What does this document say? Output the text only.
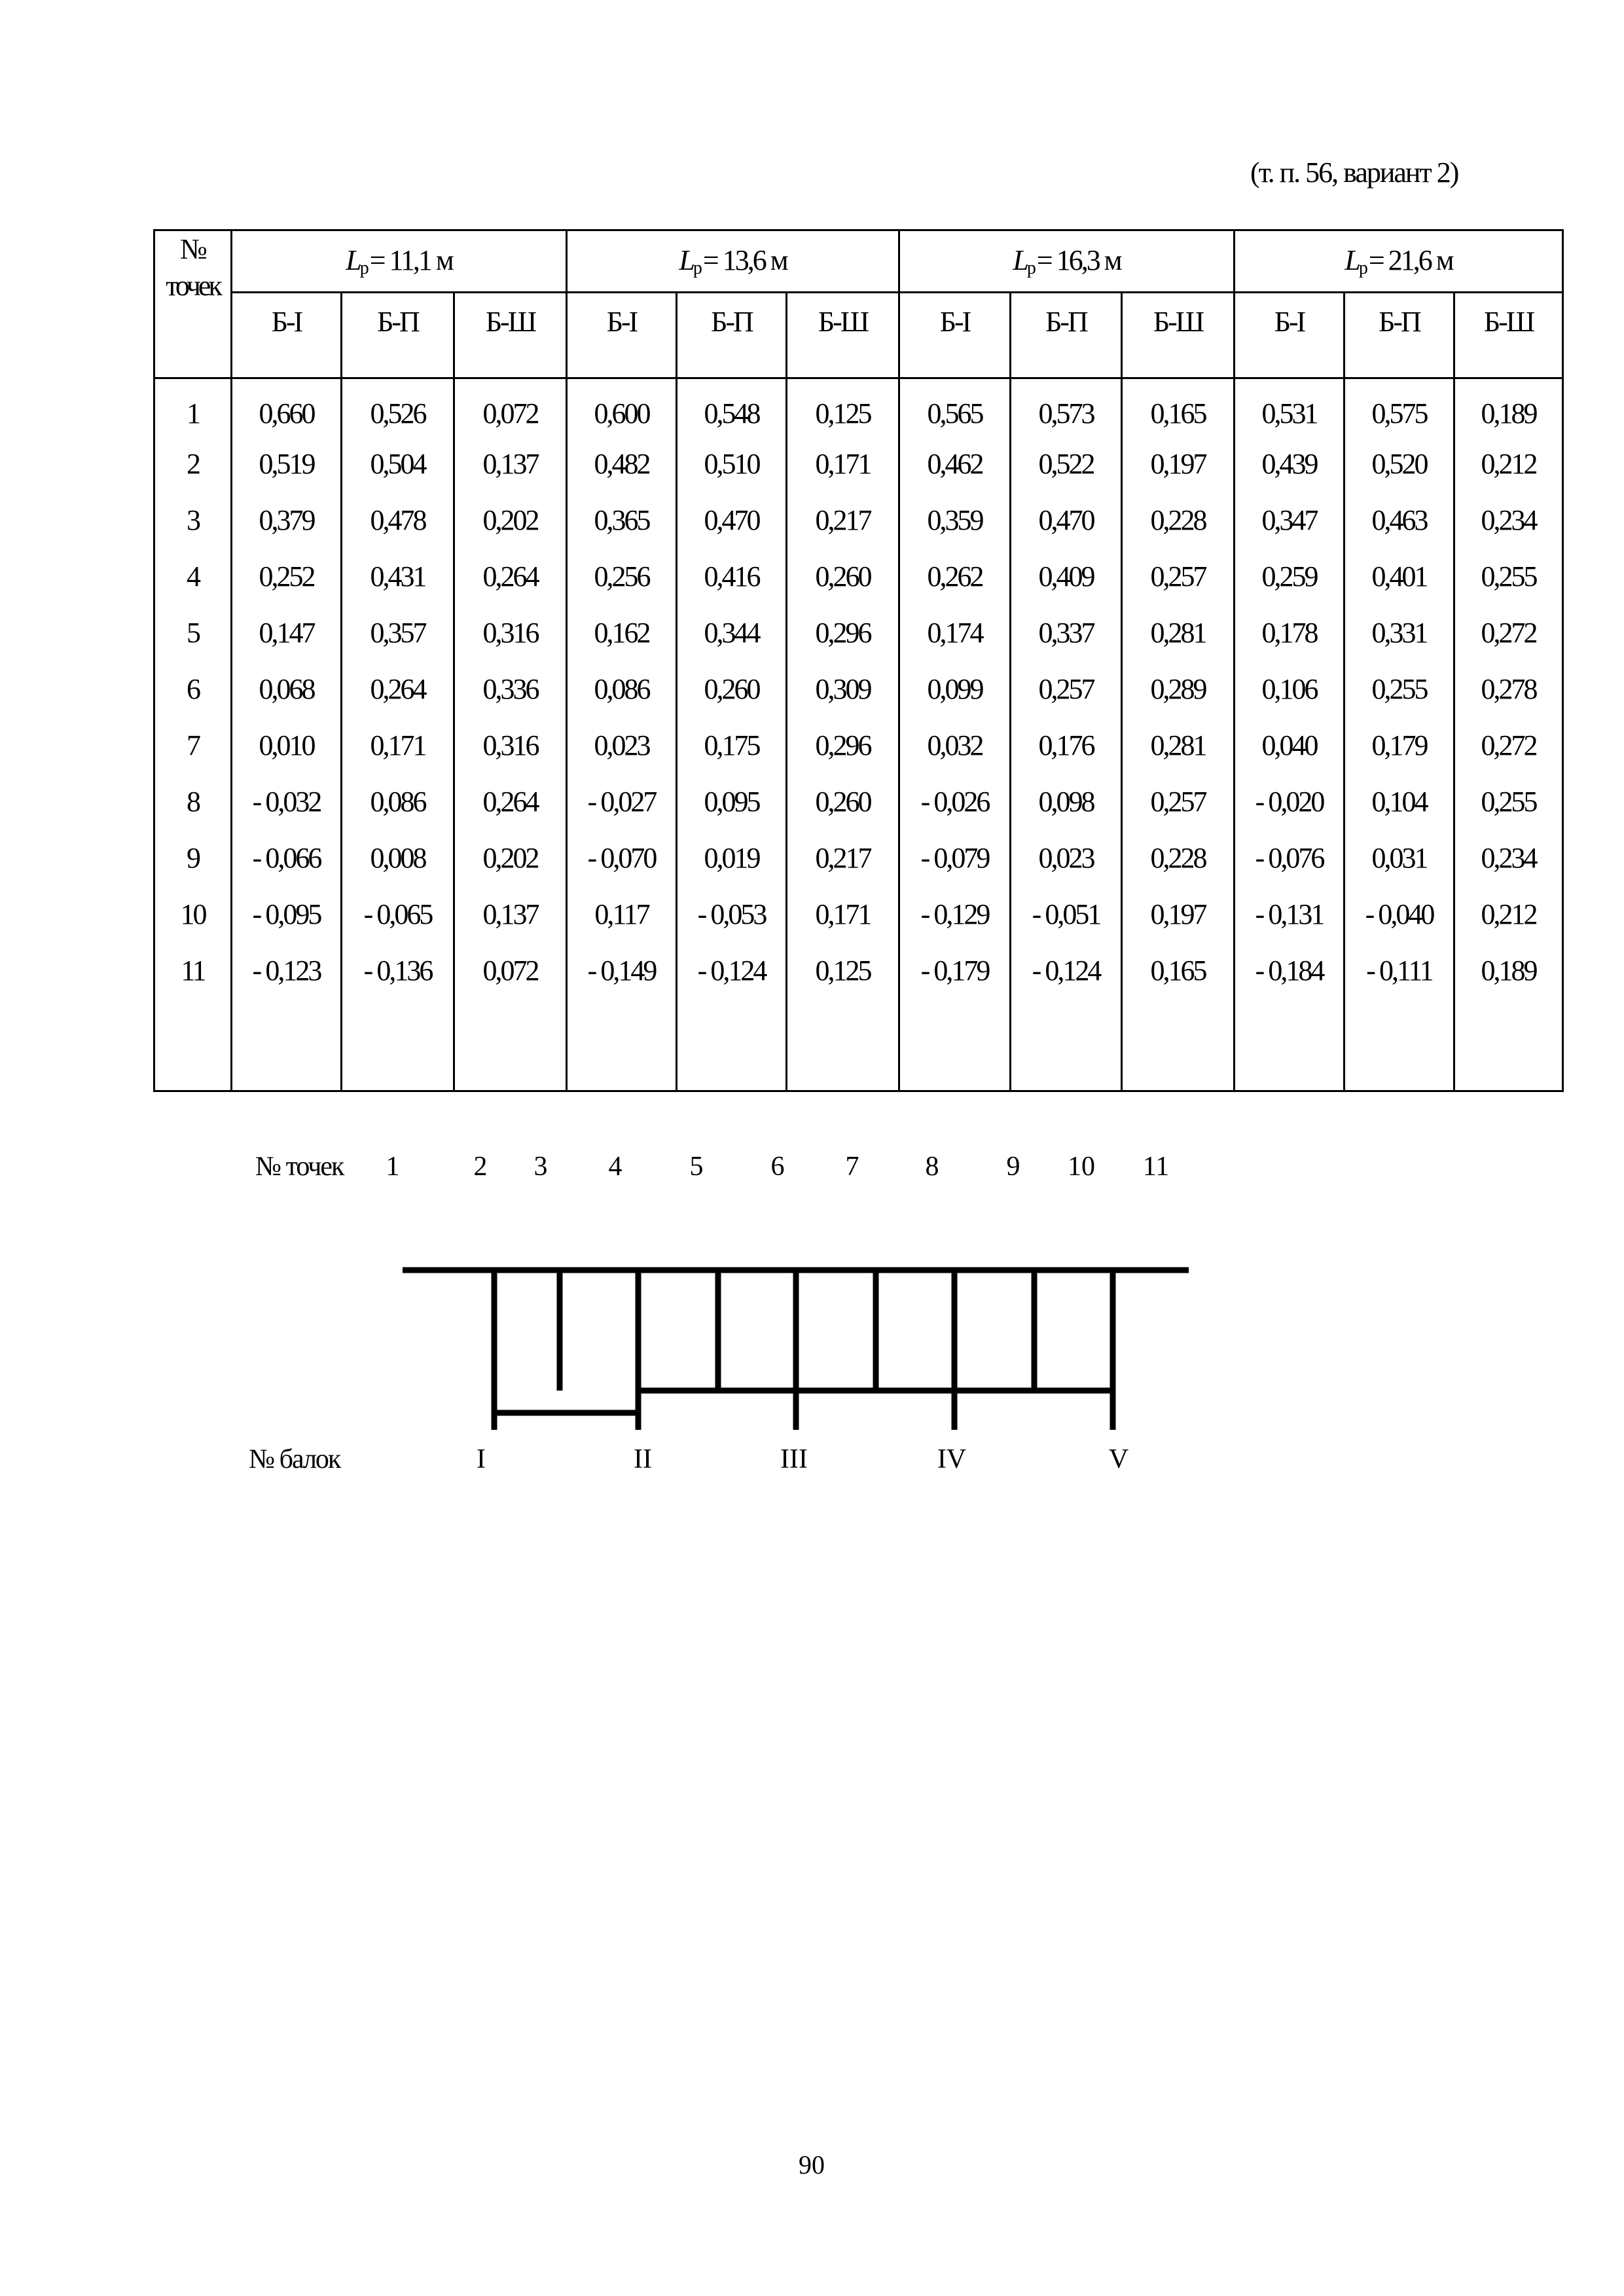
(т. п. 56, вариант 2)
№
точек	$L_р= 11,1$ м			$L_р= 13,6$ м			$L_р= 16,3$ м			$L_р= 21,6$ м		
	Б-I	Б-П	Б-Ш	Б-I	Б-П	Б-Ш	Б-I	Б-П	Б-Ш	Б-I	Б-П	Б-Ш
1	0,660	0,526	0,072	0,600	0,548	0,125	0,565	0,573	0,165	0,531	0,575	0,189
2	0,519	0,504	0,137	0,482	0,510	0,171	0,462	0,522	0,197	0,439	0,520	0,212
3	0,379	0,478	0,202	0,365	0,470	0,217	0,359	0,470	0,228	0,347	0,463	0,234
4	0,252	0,431	0,264	0,256	0,416	0,260	0,262	0,409	0,257	0,259	0,401	0,255
5	0,147	0,357	0,316	0,162	0,344	0,296	0,174	0,337	0,281	0,178	0,331	0,272
6	0,068	0,264	0,336	0,086	0,260	0,309	0,099	0,257	0,289	0,106	0,255	0,278
7	0,010	0,171	0,316	0,023	0,175	0,296	0,032	0,176	0,281	0,040	0,179	0,272
8	- 0,032	0,086	0,264	- 0,027	0,095	0,260	- 0,026	0,098	0,257	- 0,020	0,104	0,255
9	- 0,066	0,008	0,202	- 0,070	0,019	0,217	- 0,079	0,023	0,228	- 0,076	0,031	0,234
10	- 0,095	- 0,065	0,137	0,117	- 0,053	0,171	- 0,129	- 0,051	0,197	- 0,131	- 0,040	0,212
11	- 0,123	- 0,136	0,072	- 0,149	- 0,124	0,125	- 0,179	- 0,124	0,165	- 0,184	- 0,111	0,189

№ точек 1	2 3 4 5 6 7 8 9 10 11
№ балок	I	II	III	IV	V
90
